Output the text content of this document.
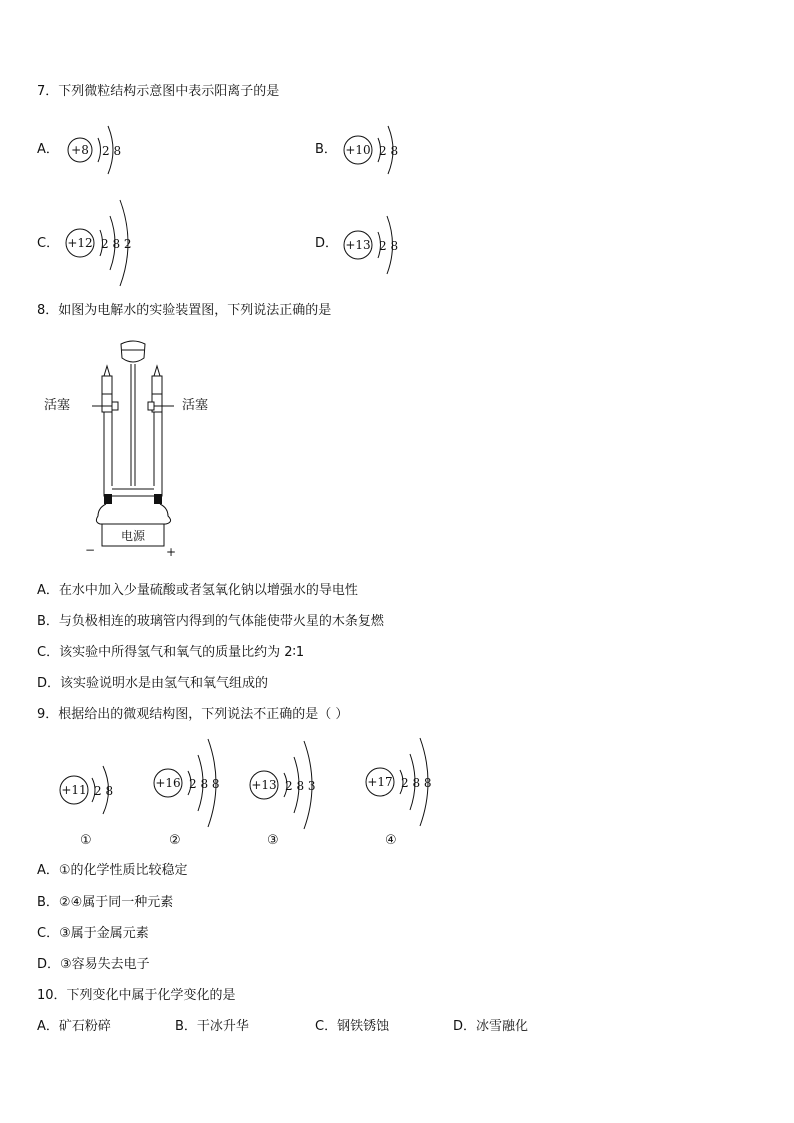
7．下列微粒结构示意图中表示阳离子的是
A． +8 2 8	B． +10 2 8
C． +12 2 8 2	D． +13 2 8
8．如图为电解水的实验装置图，下列说法正确的是
电源
−	+
活塞	活塞
A．在水中加入少量硫酸或者氢氧化钠以增强水的导电性
B．与负极相连的玻璃管内得到的气体能使带火星的木条复燃
C．该实验中所得氢气和氧气的质量比约为 2∶1
D．该实验说明水是由氢气和氧气组成的
9．根据给出的微观结构图，下列说法不正确的是（ ）
+11 2 8
+16 2 8 8	+13 2 8 3	+17 2 8 8
①	②	③	④
A．①的化学性质比较稳定
B．②④属于同一种元素
C．③属于金属元素
D．③容易失去电子
10．下列变化中属于化学变化的是
A．矿石粉碎	B．干冰升华	C．钢铁锈蚀	D．冰雪融化
